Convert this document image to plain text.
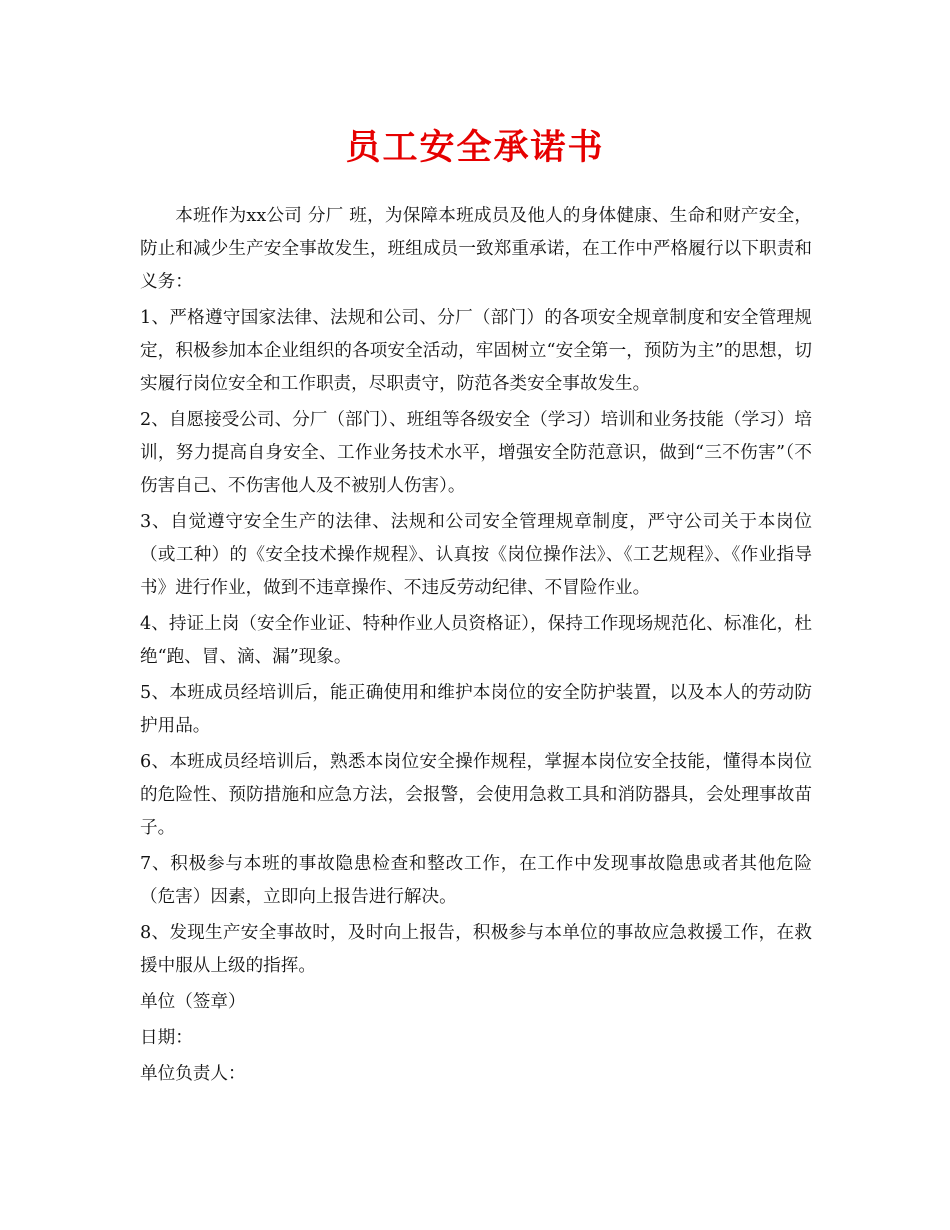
员工安全承诺书

本班作为xx公司 分厂 班，为保障本班成员及他人的身体健康、生命和财产安全，防止和减少生产安全事故发生，班组成员一致郑重承诺，在工作中严格履行以下职责和义务：

1、严格遵守国家法律、法规和公司、分厂（部门）的各项安全规章制度和安全管理规定，积极参加本企业组织的各项安全活动，牢固树立“安全第一，预防为主”的思想，切实履行岗位安全和工作职责，尽职责守，防范各类安全事故发生。

2、自愿接受公司、分厂（部门）、班组等各级安全（学习）培训和业务技能（学习）培训，努力提高自身安全、工作业务技术水平，增强安全防范意识，做到“三不伤害”（不伤害自己、不伤害他人及不被别人伤害）。

3、自觉遵守安全生产的法律、法规和公司安全管理规章制度，严守公司关于本岗位（或工种）的《安全技术操作规程》、认真按《岗位操作法》、《工艺规程》、《作业指导书》进行作业，做到不违章操作、不违反劳动纪律、不冒险作业。

4、持证上岗（安全作业证、特种作业人员资格证），保持工作现场规范化、标准化，杜绝“跑、冒、滴、漏”现象。

5、本班成员经培训后，能正确使用和维护本岗位的安全防护装置，以及本人的劳动防护用品。

6、本班成员经培训后，熟悉本岗位安全操作规程，掌握本岗位安全技能，懂得本岗位的危险性、预防措施和应急方法，会报警，会使用急救工具和消防器具，会处理事故苗子。

7、积极参与本班的事故隐患检查和整改工作，在工作中发现事故隐患或者其他危险（危害）因素，立即向上报告进行解决。

8、发现生产安全事故时，及时向上报告，积极参与本单位的事故应急救援工作，在救援中服从上级的指挥。

单位（签章）

日期：

单位负责人：
